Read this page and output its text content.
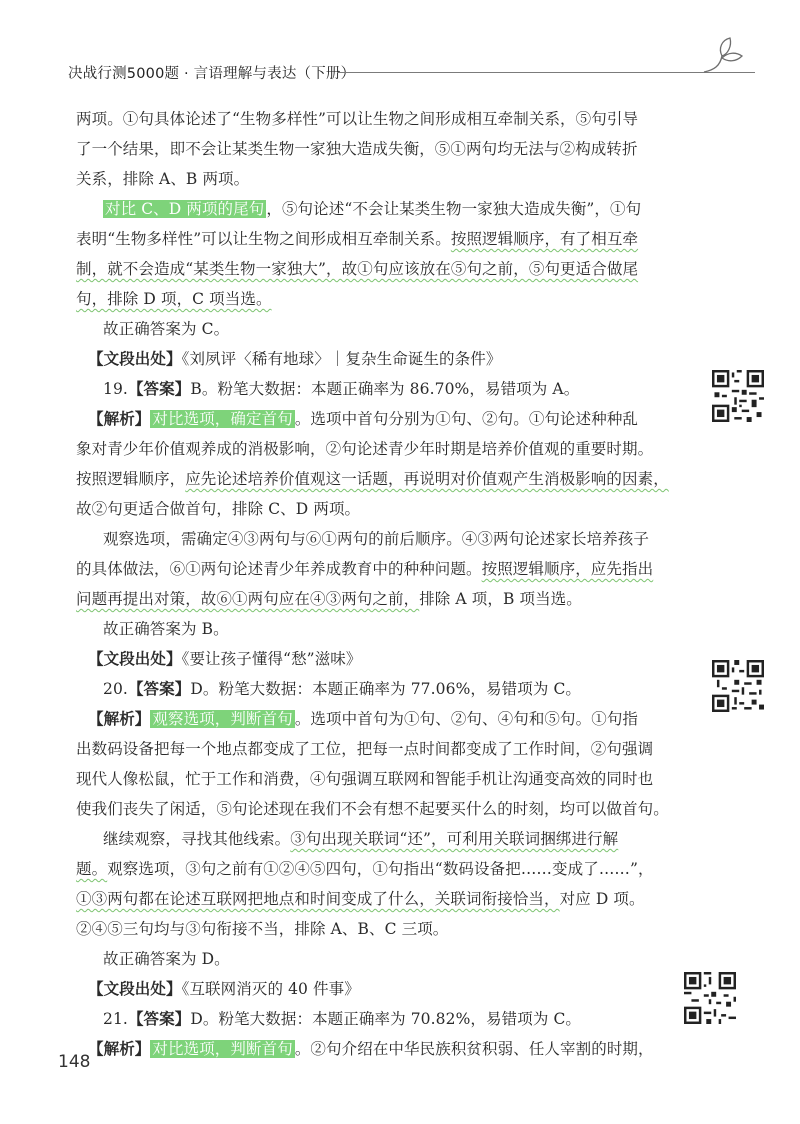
决战行测5000题 · 言语理解与表达（下册）
两项。①句具体论述了“生物多样性”可以让生物之间形成相互牵制关系，⑤句引导
了一个结果，即不会让某类生物一家独大造成失衡，⑤①两句均无法与②构成转折
关系，排除 A、B 两项。
对比 C、D 两项的尾句 ，⑤句论述“不会让某类生物一家独大造成失衡”，①句
表明“生物多样性”可以让生物之间形成相互牵制关系。按照逻辑顺序，有了相互牵
制，就不会造成“某类生物一家独大”，故①句应该放在⑤句之前，⑤句更适合做尾
句，排除 D 项，C 项当选。
故正确答案为 C。
【文段出处】《刘夙评〈稀有地球〉｜复杂生命诞生的条件》
19.【答案】B。粉笔大数据：本题正确率为 86.70%，易错项为 A。
【解析】 对比选项，确定首句 。选项中首句分别为①句、②句。①句论述种种乱
象对青少年价值观养成的消极影响，②句论述青少年时期是培养价值观的重要时期。
按照逻辑顺序，应先论述培养价值观这一话题，再说明对价值观产生消极影响的因素，
故②句更适合做首句，排除 C、D 两项。
观察选项，需确定④③两句与⑥①两句的前后顺序。④③两句论述家长培养孩子
的具体做法，⑥①两句论述青少年养成教育中的种种问题。按照逻辑顺序，应先指出
问题再提出对策，故⑥①两句应在④③两句之前，排除 A 项，B 项当选。
故正确答案为 B。
【文段出处】《要让孩子懂得“愁”滋味》
20.【答案】D。粉笔大数据：本题正确率为 77.06%，易错项为 C。
【解析】 观察选项，判断首句 。选项中首句为①句、②句、④句和⑤句。①句指
出数码设备把每一个地点都变成了工位，把每一点时间都变成了工作时间，②句强调
现代人像松鼠，忙于工作和消费，④句强调互联网和智能手机让沟通变高效的同时也
使我们丧失了闲适，⑤句论述现在我们不会有想不起要买什么的时刻，均可以做首句。
继续观察，寻找其他线索。③句出现关联词“还”，可利用关联词捆绑进行解
题。观察选项，③句之前有①②④⑤四句，①句指出“数码设备把……变成了……”，
①③两句都在论述互联网把地点和时间变成了什么，关联词衔接恰当，对应 D 项。
②④⑤三句均与③句衔接不当，排除 A、B、C 三项。
故正确答案为 D。
【文段出处】《互联网消灭的 40 件事》
21.【答案】D。粉笔大数据：本题正确率为 70.82%，易错项为 C。
【解析】 对比选项，判断首句 。②句介绍在中华民族积贫积弱、任人宰割的时期，
148
